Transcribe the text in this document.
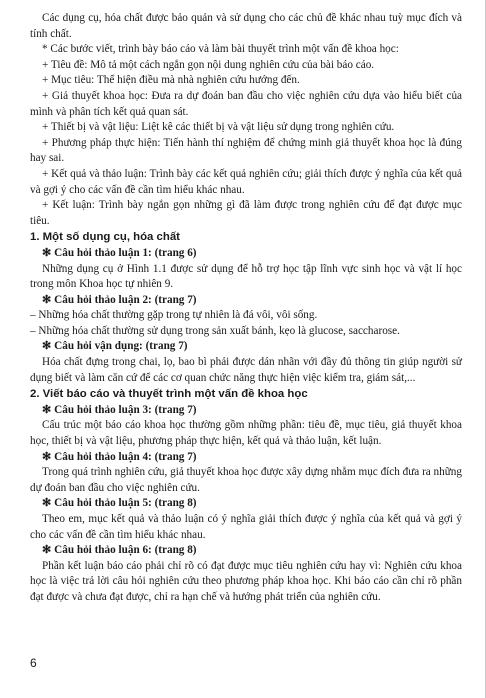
Các dụng cụ, hóa chất được bảo quản và sử dụng cho các chủ đề khác nhau tuỳ mục đích và tính chất.

* Các bước viết, trình bày báo cáo và làm bài thuyết trình một vấn đề khoa học:

+ Tiêu đề: Mô tả một cách ngắn gọn nội dung nghiên cứu của bài báo cáo.

+ Mục tiêu: Thể hiện điều mà nhà nghiên cứu hướng đến.

+ Giả thuyết khoa học: Đưa ra dự đoán ban đầu cho việc nghiên cứu dựa vào hiểu biết của mình và phân tích kết quả quan sát.

+ Thiết bị và vật liệu: Liệt kê các thiết bị và vật liệu sử dụng trong nghiên cứu.

+ Phương pháp thực hiện: Tiến hành thí nghiệm để chứng minh giả thuyết khoa học là đúng hay sai.

+ Kết quả và thảo luận: Trình bày các kết quả nghiên cứu; giải thích được ý nghĩa của kết quả và gợi ý cho các vấn đề cần tìm hiểu khác nhau.

+ Kết luận: Trình bày ngắn gọn những gì đã làm được trong nghiên cứu để đạt được mục tiêu.

1. Một số dụng cụ, hóa chất

✻ Câu hỏi thảo luận 1: (trang 6)

Những dụng cụ ở Hình 1.1 được sử dụng để hỗ trợ học tập lĩnh vực sinh học và vật lí học trong môn Khoa học tự nhiên 9.

✻ Câu hỏi thảo luận 2: (trang 7)

– Những hóa chất thường gặp trong tự nhiên là đá vôi, vôi sống.

– Những hóa chất thường sử dụng trong sản xuất bánh, kẹo là glucose, saccharose.

✻ Câu hỏi vận dụng: (trang 7)

Hóa chất đựng trong chai, lọ, bao bì phải được dán nhãn với đầy đủ thông tin giúp người sử dụng biết và làm căn cứ để các cơ quan chức năng thực hiện việc kiểm tra, giám sát,...

2. Viết báo cáo và thuyết trình một vấn đề khoa học

✻ Câu hỏi thảo luận 3: (trang 7)

Cấu trúc một báo cáo khoa học thường gồm những phần: tiêu đề, mục tiêu, giả thuyết khoa học, thiết bị và vật liệu, phương pháp thực hiện, kết quả và thảo luận, kết luận.

✻ Câu hỏi thảo luận 4: (trang 7)

Trong quá trình nghiên cứu, giả thuyết khoa học được xây dựng nhằm mục đích đưa ra những dự đoán ban đầu cho việc nghiên cứu.

✻ Câu hỏi thảo luận 5: (trang 8)

Theo em, mục kết quả và thảo luận có ý nghĩa giải thích được ý nghĩa của kết quả và gợi ý cho các vấn đề cần tìm hiểu khác nhau.

✻ Câu hỏi thảo luận 6: (trang 8)

Phần kết luận báo cáo phải chỉ rõ có đạt được mục tiêu nghiên cứu hay vì: Nghiên cứu khoa học là việc trả lời câu hỏi nghiên cứu theo phương pháp khoa học. Khi báo cáo cần chỉ rõ phần đạt được và chưa đạt được, chỉ ra hạn chế và hướng phát triển của nghiên cứu.

6
